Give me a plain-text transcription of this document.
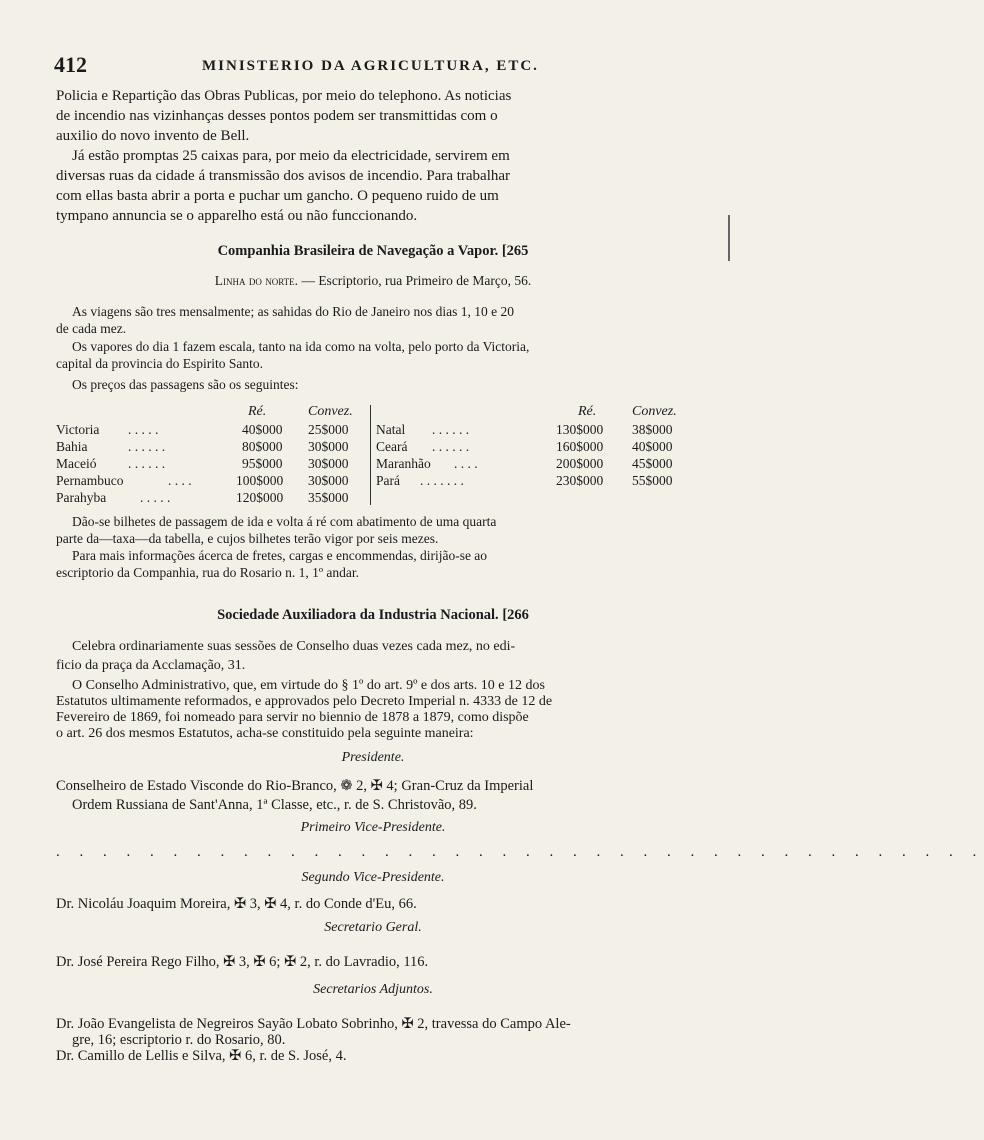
412	MINISTERIO DA AGRICULTURA, ETC.
Policia e Repartição das Obras Publicas, por meio do telephono. As noticias
de incendio nas vizinhanças desses pontos podem ser transmittidas com o
auxilio do novo invento de Bell.
Já estão promptas 25 caixas para, por meio da electricidade, servirem em
diversas ruas da cidade á transmissão dos avisos de incendio. Para trabalhar
com ellas basta abrir a porta e puchar um gancho. O pequeno ruido de um
tympano annuncia se o apparelho está ou não funccionando.
Companhia Brasileira de Navegação a Vapor. [265
Linha do norte. — Escriptorio, rua Primeiro de Março, 56.
As viagens são tres mensalmente; as sahidas do Rio de Janeiro nos dias 1, 10 e 20
de cada mez.
Os vapores do dia 1 fazem escala, tanto na ida como na volta, pelo porto da Victoria,
capital da provincia do Espirito Santo.
Os preços das passagens são os seguintes:
Ré.	Convez.	Ré.	Convez.
Victoria . . . . .	40$000 25$000 Natal . . . . . .	130$000 38$000
Bahia	. . . . . .	80$000 30$000 Ceará . . . . . .	160$000 40$000
Maceió . . . . . .	95$000 30$000 Maranhão . . . .	200$000 45$000
Pernambuco	. . . .	100$000 30$000 Pará . . . . . . .	230$000 55$000
Parahyba	. . . . .	120$000 35$000
Dão-se bilhetes de passagem de ida e volta á ré com abatimento de uma quarta
parte da—taxa—da tabella, e cujos bilhetes terão vigor por seis mezes.
Para mais informações ácerca de fretes, cargas e encommendas, dirijão-se ao
escriptorio da Companhia, rua do Rosario n. 1, 1º andar.
Sociedade Auxiliadora da Industria Nacional. [266
Celebra ordinariamente suas sessões de Conselho duas vezes cada mez, no edi-
ficio da praça da Acclamação, 31.
O Conselho Administrativo, que, em virtude do § 1º do art. 9º e dos arts. 10 e 12 dos
Estatutos ultimamente reformados, e approvados pelo Decreto Imperial n. 4333 de 12 de
Fevereiro de 1869, foi nomeado para servir no biennio de 1878 a 1879, como dispõe
o art. 26 dos mesmos Estatutos, acha-se constituido pela seguinte maneira:
Presidente.
Conselheiro de Estado Visconde do Rio-Branco, ❁ 2, ✠ 4; Gran-Cruz da Imperial
Ordem Russiana de Sant'Anna, 1ª Classe, etc., r. de S. Christovão, 89.
Primeiro Vice-Presidente.
. . . . . . . . . . . . . . . . . . . . . . . . . . . . . . . . . . . . . . . .
Segundo Vice-Presidente.
Dr. Nicoláu Joaquim Moreira, ✠ 3, ✠ 4, r. do Conde d'Eu, 66.
Secretario Geral.
Dr. José Pereira Rego Filho, ✠ 3, ✠ 6; ✠ 2, r. do Lavradio, 116.
Secretarios Adjuntos.
Dr. João Evangelista de Negreiros Sayão Lobato Sobrinho, ✠ 2, travessa do Campo Ale-
gre, 16; escriptorio r. do Rosario, 80.
Dr. Camillo de Lellis e Silva, ✠ 6, r. de S. José, 4.
